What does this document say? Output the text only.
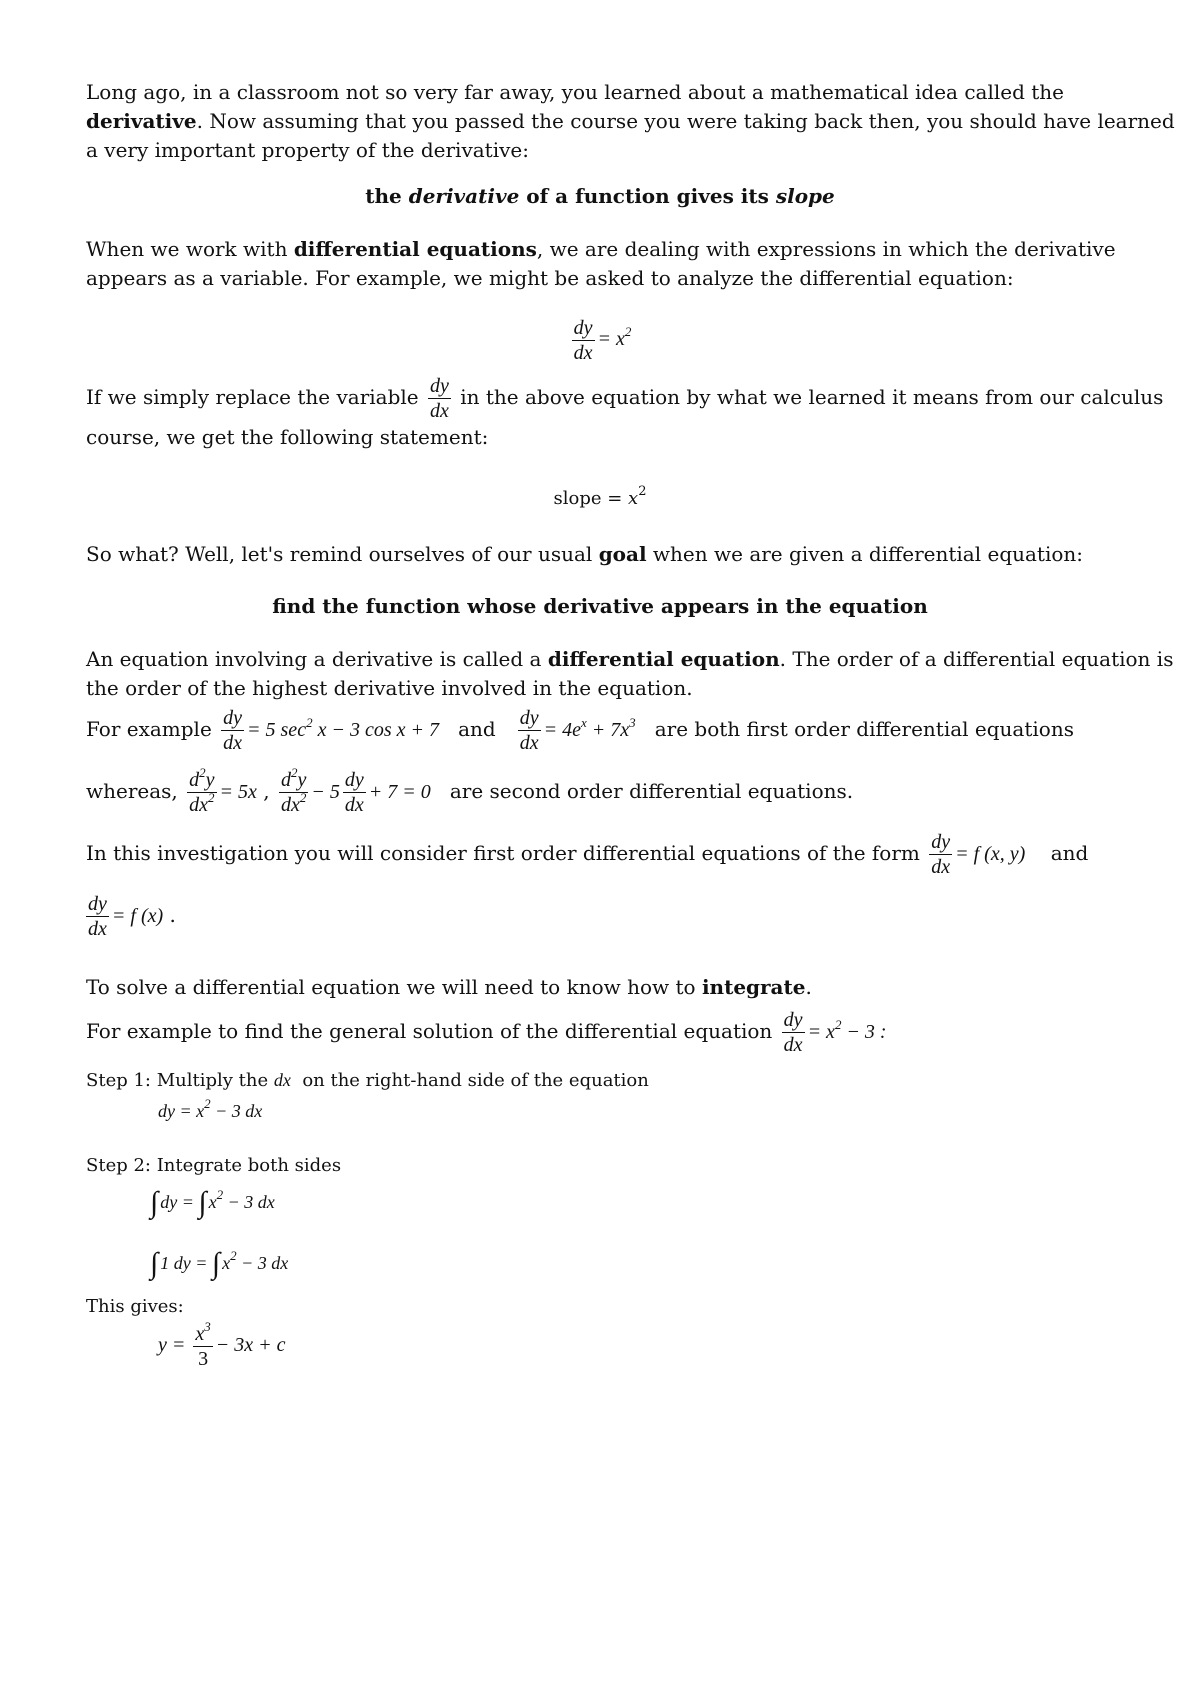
Long ago, in a classroom not so very far away, you learned about a mathematical idea called the
derivative. Now assuming that you passed the course you were taking back then, you should have learned
a very important property of the derivative:
the derivative of a function gives its slope
When we work with differential equations, we are dealing with expressions in which the derivative
appears as a variable. For example, we might be asked to analyze the differential equation:
$\frac{dy}{dx} = x^2$
If we simply replace the variable $\frac{dy}{dx}$ in the above equation by what we learned it means from our calculus
course, we get the following statement:
slope = $x^2$
So what? Well, let's remind ourselves of our usual goal when we are given a differential equation:
find the function whose derivative appears in the equation
An equation involving a derivative is called a differential equation. The order of a differential equation is
the order of the highest derivative involved in the equation.
For example $\frac{dy}{dx} = 5$ $\sec^2 x - 3$ cos x + 7 and $\frac{dy}{dx} = 4e^x + 7x^3$ are both first order differential equations
whereas, $\frac{d^2y}{dx^2} = 5x$ , $\frac{d^2y}{dx^2} - 5 \frac{dy}{dx} + 7 = 0$ are second order differential equations.
In this investigation you will consider first order differential equations of the form $\frac{dy}{dx} = f$ (x, y) and
$\frac{dy}{dx} = f$ (x) .
To solve a differential equation we will need to know how to integrate.
For example to find the general solution of the differential equation $\frac{dy}{dx} = x^2 - 3$ :
Step 1: Multiply the dx on the right-hand side of the equation
dy = $x^2 - 3$ dx
Step 2: Integrate both sides
∫ dy = ∫ $x^2 - 3$ dx
∫ 1 dy = ∫ $x^2 - 3$ dx
This gives:
$y = \frac{x^3}{3} - 3x + c$
